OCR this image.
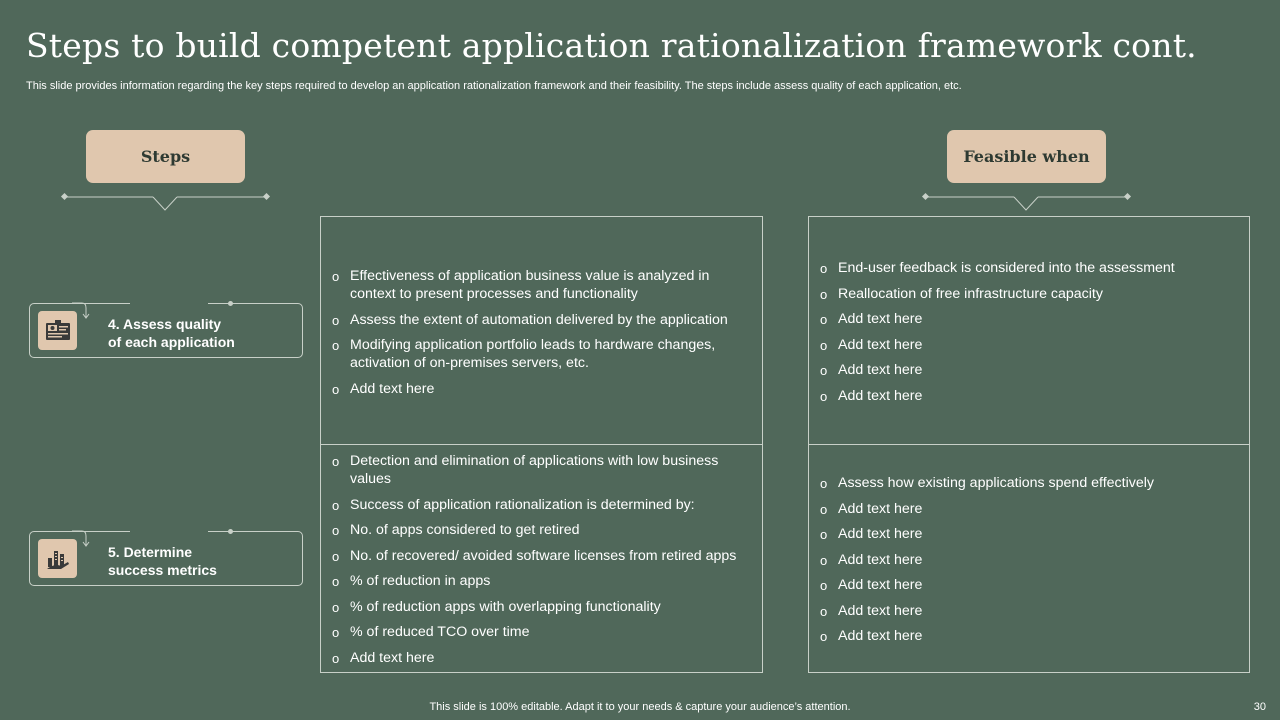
Steps to build competent application rationalization framework cont.
This slide provides information regarding the key steps required to develop an application rationalization framework and their feasibility. The steps include assess quality of each application, etc.
Steps	Feasible when
4. Assess quality
of each application
5. Determine
success metrics
o Effectiveness of application business value is analyzed in context to present processes and functionality
o Assess the extent of automation delivered by the application
o Modifying application portfolio leads to hardware changes, activation of on-premises servers, etc.
o Add text here
o Detection and elimination of applications with low business values
o Success of application rationalization is determined by:
o No. of apps considered to get retired
o No. of recovered/ avoided software licenses from retired apps
o % of reduction in apps
o % of reduction apps with overlapping functionality
o % of reduced TCO over time
o Add text here
o End-user feedback is considered into the assessment
o Reallocation of free infrastructure capacity
o Add text here
o Add text here
o Add text here
o Add text here
o Assess how existing applications spend effectively
o Add text here
o Add text here
o Add text here
o Add text here
o Add text here
o Add text here
This slide is 100% editable. Adapt it to your needs & capture your audience’s attention.	30
